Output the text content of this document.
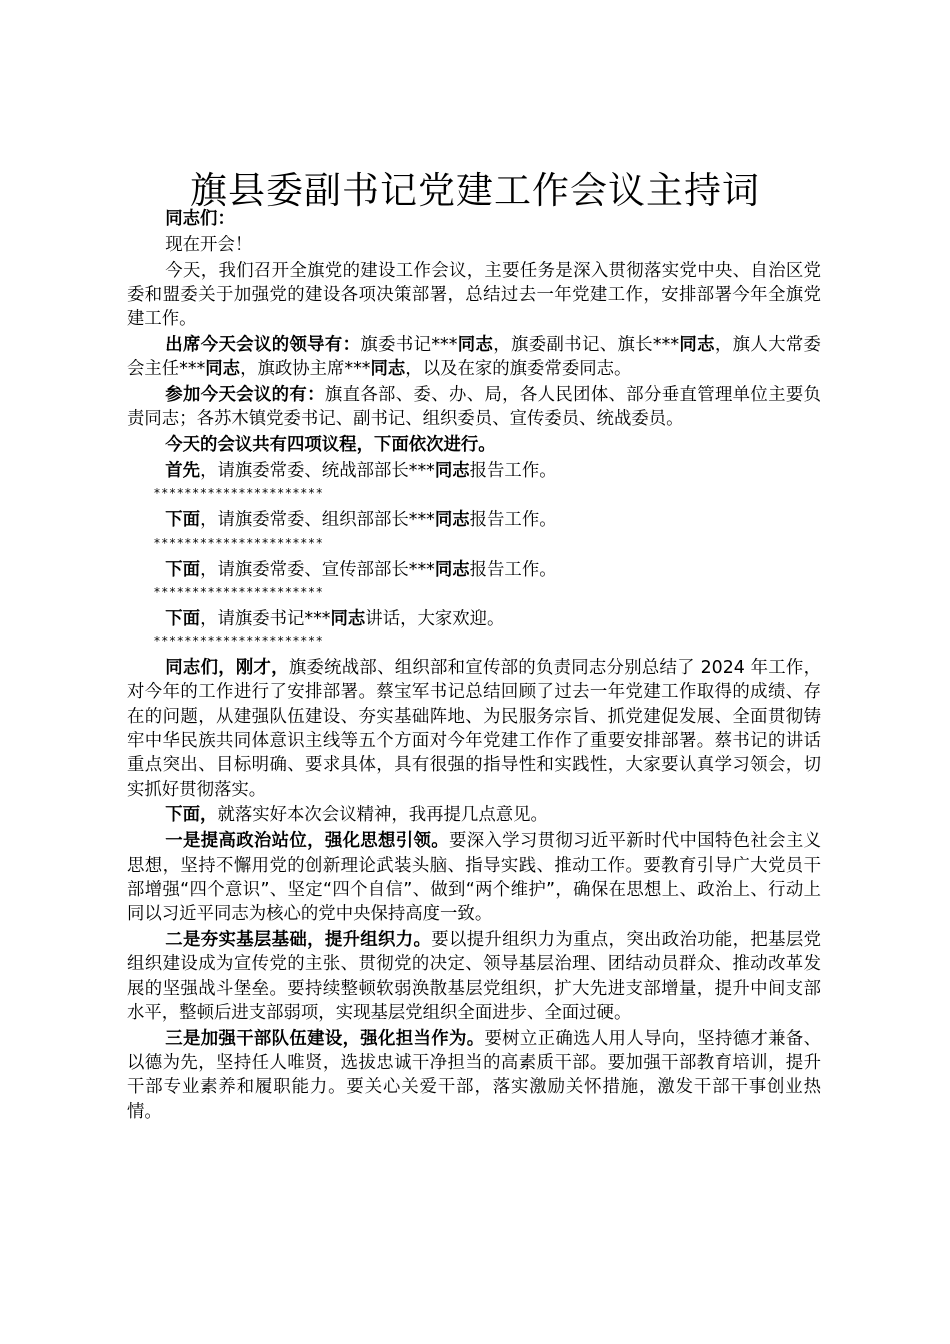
旗县委副书记党建工作会议主持词

同志们：

现在开会！

今天，我们召开全旗党的建设工作会议，主要任务是深入贯彻落实党中央、自治区党委和盟委关于加强党的建设各项决策部署，总结过去一年党建工作，安排部署今年全旗党建工作。

出席今天会议的领导有：旗委书记***同志，旗委副书记、旗长***同志，旗人大常委会主任***同志，旗政协主席***同志，以及在家的旗委常委同志。

参加今天会议的有：旗直各部、委、办、局，各人民团体、部分垂直管理单位主要负责同志；各苏木镇党委书记、副书记、组织委员、宣传委员、统战委员。

今天的会议共有四项议程，下面依次进行。

首先，请旗委常委、统战部部长***同志报告工作。

**********************

下面，请旗委常委、组织部部长***同志报告工作。

**********************

下面，请旗委常委、宣传部部长***同志报告工作。

**********************

下面，请旗委书记***同志讲话，大家欢迎。

**********************

同志们，刚才，旗委统战部、组织部和宣传部的负责同志分别总结了 2024 年工作，对今年的工作进行了安排部署。蔡宝军书记总结回顾了过去一年党建工作取得的成绩、存在的问题，从建强队伍建设、夯实基础阵地、为民服务宗旨、抓党建促发展、全面贯彻铸牢中华民族共同体意识主线等五个方面对今年党建工作作了重要安排部署。蔡书记的讲话重点突出、目标明确、要求具体，具有很强的指导性和实践性，大家要认真学习领会，切实抓好贯彻落实。

下面，就落实好本次会议精神，我再提几点意见。

一是提高政治站位，强化思想引领。要深入学习贯彻习近平新时代中国特色社会主义思想，坚持不懈用党的创新理论武装头脑、指导实践、推动工作。要教育引导广大党员干部增强“四个意识”、坚定“四个自信”、做到“两个维护”，确保在思想上、政治上、行动上同以习近平同志为核心的党中央保持高度一致。

二是夯实基层基础，提升组织力。要以提升组织力为重点，突出政治功能，把基层党组织建设成为宣传党的主张、贯彻党的决定、领导基层治理、团结动员群众、推动改革发展的坚强战斗堡垒。要持续整顿软弱涣散基层党组织，扩大先进支部增量，提升中间支部水平，整顿后进支部弱项，实现基层党组织全面进步、全面过硬。

三是加强干部队伍建设，强化担当作为。要树立正确选人用人导向，坚持德才兼备、以德为先，坚持任人唯贤，选拔忠诚干净担当的高素质干部。要加强干部教育培训，提升干部专业素养和履职能力。要关心关爱干部，落实激励关怀措施，激发干部干事创业热情。
